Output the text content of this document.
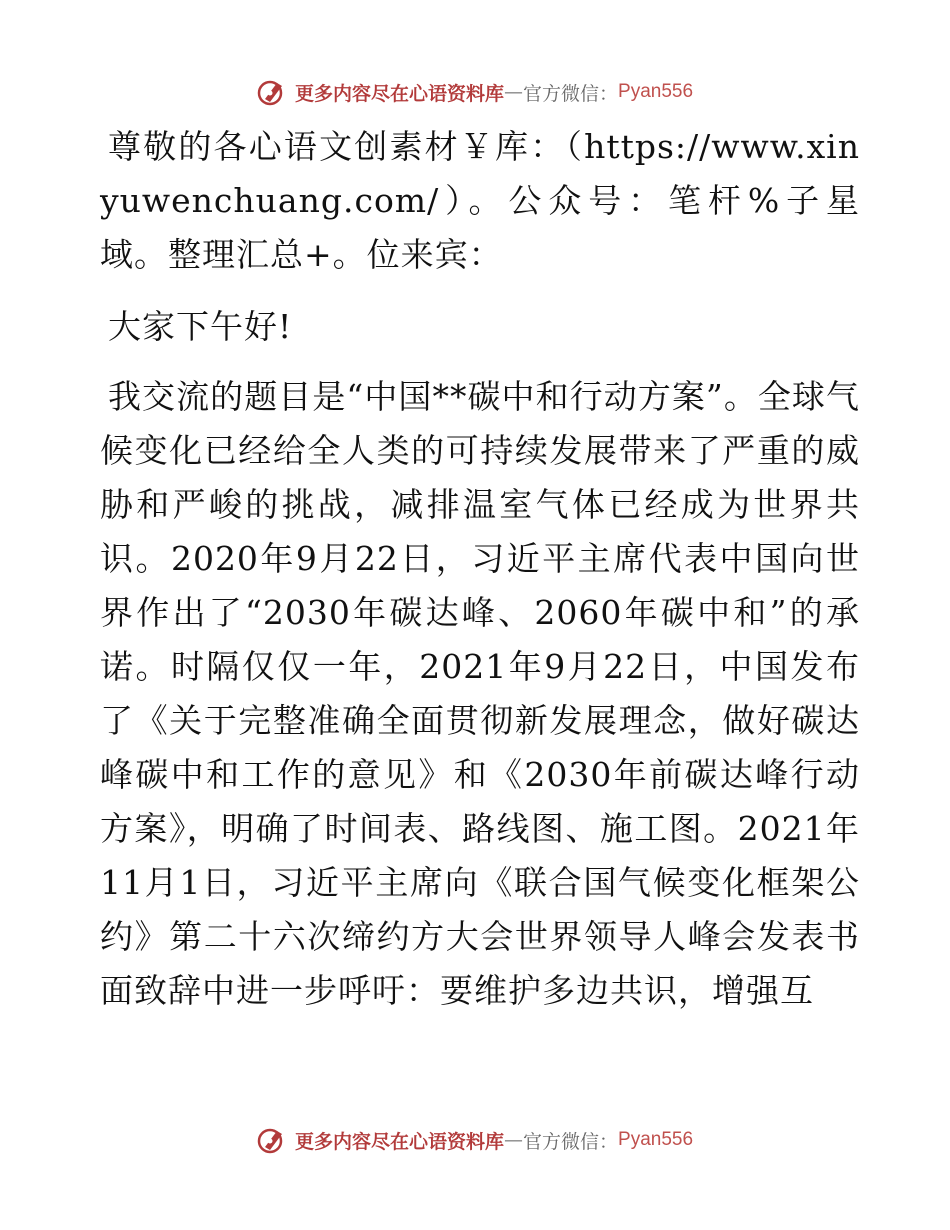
更多内容尽在心语资料库 — 官方微信 ： Pyan556

尊敬的各心语文创素材￥库：（https://www.xinyuwenchuang.com/）。公众号：笔杆%子星域。整理汇总+。位来宾：

大家下午好!

我交流的题目是“中国**碳中和行动方案”。全球气候变化已经给全人类的可持续发展带来了严重的威胁和严峻的挑战，减排温室气体已经成为世界共识。2020年9月22日，习近平主席代表中国向世界作出了“2030年碳达峰、2060年碳中和”的承诺。时隔仅仅一年，2021年9月22日，中国发布了《关于完整准确全面贯彻新发展理念，做好碳达峰碳中和工作的意见》和《2030年前碳达峰行动方案》，明确了时间表、路线图、施工图。2021年11月1日，习近平主席向《联合国气候变化框架公约》第二十六次缔约方大会世界领导人峰会发表书面致辞中进一步呼吁：要维护多边共识，增强互

更多内容尽在心语资料库 — 官方微信 ： Pyan556
